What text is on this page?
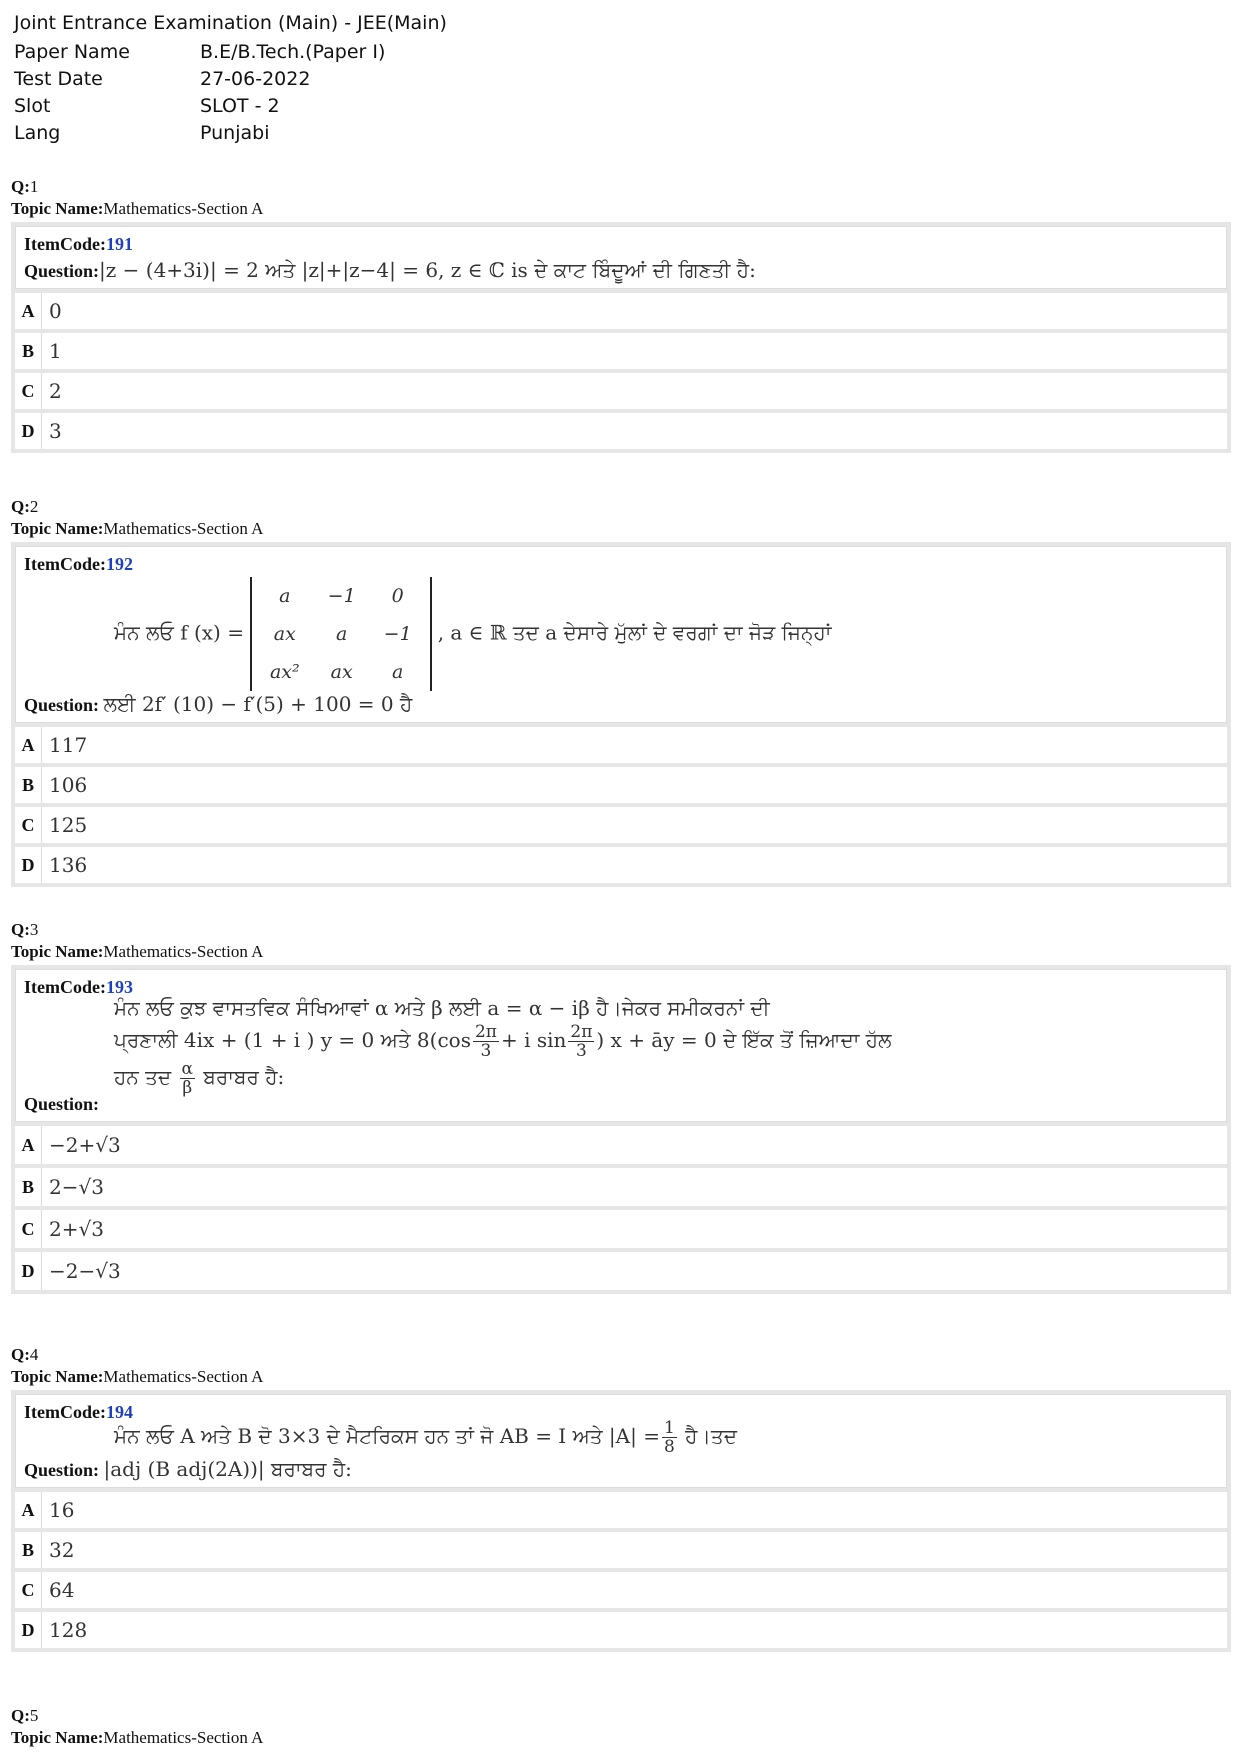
Joint Entrance Examination (Main) - JEE(Main)
Paper Name	B.E/B.Tech.(Paper I)
Test Date	27-06-2022
Slot	SLOT - 2
Lang	Punjabi
Q:1
Topic Name:Mathematics-Section A
ItemCode:191
Question:|z − (4+3i)| = 2 ਅਤੇ |z|+|z−4| = 6, z ∈ ℂ is ਦੇ ਕਾਟ ਬਿੰਦੂਆਂ ਦੀ ਗਿਣਤੀ ਹੈ:
A 0
B 1
C 2
D 3
Q:2
Topic Name:Mathematics-Section A
ItemCode:192
ਮੰਨ ਲਓ f (x) =
a	−1	0
ax	a	−1
ax²	ax	a
, a ∈ ℝ ਤਦ a ਦੇਸਾਰੇ ਮੁੱਲਾਂ ਦੇ ਵਰਗਾਂ ਦਾ ਜੋੜ ਜਿਨ੍ਹਾਂ
Question: ਲਈ 2f′ (10) − f′(5) + 100 = 0 ਹੈ
A 117
B 106
C 125
D 136
Q:3
Topic Name:Mathematics-Section A
ItemCode:193
ਮੰਨ ਲਓ ਕੁਝ ਵਾਸਤਵਿਕ ਸੰਖਿਆਵਾਂ α ਅਤੇ β ਲਈ a = α − iβ ਹੈ।ਜੇਕਰ ਸਮੀਕਰਨਾਂ ਦੀ
ਪ੍ਰਣਾਲੀ 4ix + (1 + i ) y = 0 ਅਤੇ $8(\cos \frac{2\pi}{3} + i$ $\sin \frac{2\pi}{3}$ ) x + āy = 0 ਦੇ ਇੱਕ ਤੋਂ ਜ਼ਿਆਦਾ ਹੱਲ
ਹਨ ਤਦ $\frac{\alpha}{\beta}$ ਬਰਾਬਰ ਹੈ:
Question:
A −2+√3
B 2−√3
C 2+√3
D −2−√3
Q:4
Topic Name:Mathematics-Section A
ItemCode:194
ਮੰਨ ਲਓ A ਅਤੇ B ਦੋ 3×3 ਦੇ ਮੈਟਰਿਕਸ ਹਨ ਤਾਂ ਜੋ AB = I ਅਤੇ $|A| = \frac{1}{8}$ ਹੈ।ਤਦ
Question: |adj (B adj(2A))| ਬਰਾਬਰ ਹੈ:
A 16
B 32
C 64
D 128
Q:5
Topic Name:Mathematics-Section A
